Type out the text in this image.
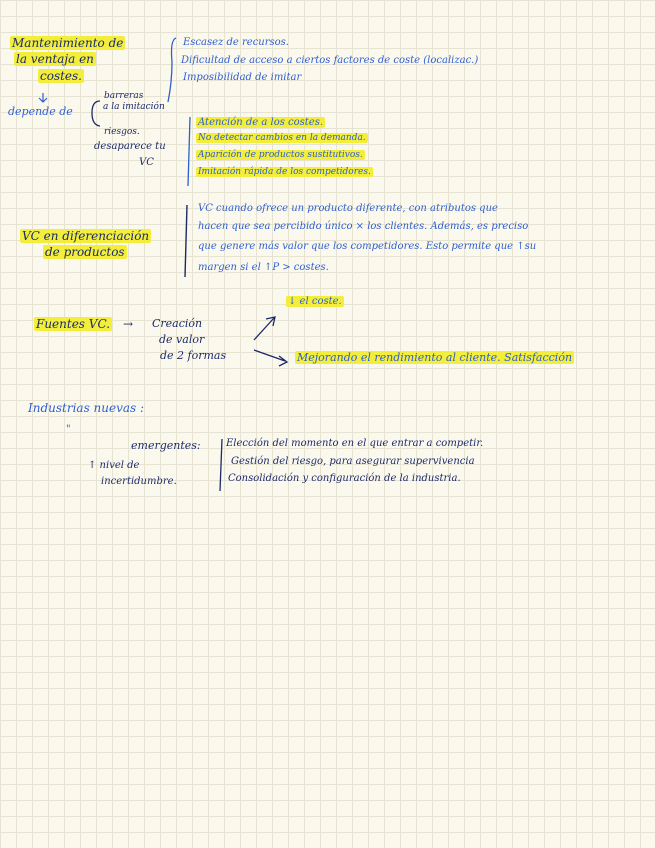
Mantenimiento de
la ventaja en
costes.
depende de
barreras
a la imitación
Escasez de recursos.
Dificultad de acceso a ciertos factores de coste (localizac.)
Imposibilidad de imitar
riesgos.
desaparece tu
VC
Atención de a los costes.
No detectar cambios en la demanda.
Aparición de productos sustitutivos.
Imitación rápida de los competidores.
VC en diferenciación
de productos
VC cuando ofrece un producto diferente, con atributos que
hacen que sea percibido único × los clientes. Además, es preciso
que genere más valor que los competidores. Esto permite que ↑su
margen si el ↑P > costes.
Fuentes VC. → Creación
de valor
de 2 formas
↓ el coste.
Mejorando el rendimiento al cliente. Satisfacción
Industrias nuevas :
"
emergentes:
↑ nivel de
incertidumbre.
Elección del momento en el que entrar a competir.
Gestión del riesgo, para asegurar supervivencia
Consolidación y configuración de la industria.
